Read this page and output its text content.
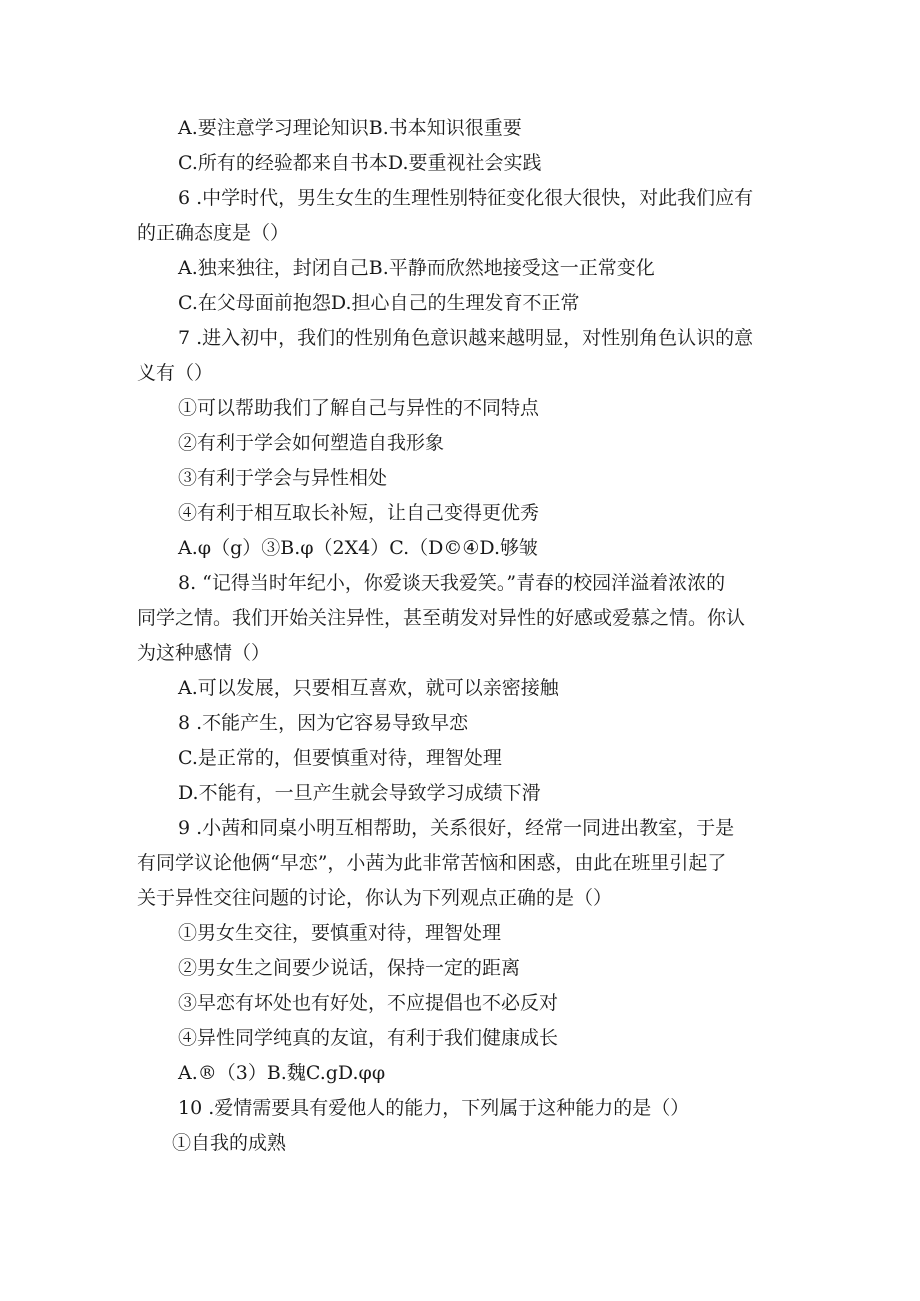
A.要注意学习理论知识B.书本知识很重要
C.所有的经验都来自书本D.要重视社会实践
6 .中学时代，男生女生的生理性别特征变化很大很快，对此我们应有
的正确态度是（）
A.独来独往，封闭自己B.平静而欣然地接受这一正常变化
C.在父母面前抱怨D.担心自己的生理发育不正常
7 .进入初中，我们的性别角色意识越来越明显，对性别角色认识的意
义有（）
①可以帮助我们了解自己与异性的不同特点
②有利于学会如何塑造自我形象
③有利于学会与异性相处
④有利于相互取长补短，让自己变得更优秀
A.φ（g）③B.φ（2X4）C.（D©④D.够皱
8. “记得当时年纪小，你爱谈天我爱笑。”青春的校园洋溢着浓浓的
同学之情。我们开始关注异性，甚至萌发对异性的好感或爱慕之情。你认
为这种感情（）
A.可以发展，只要相互喜欢，就可以亲密接触
8 .不能产生，因为它容易导致早恋
C.是正常的，但要慎重对待，理智处理
D.不能有，一旦产生就会导致学习成绩下滑
9 .小茜和同桌小明互相帮助，关系很好，经常一同进出教室，于是
有同学议论他俩“早恋”，小茜为此非常苦恼和困惑，由此在班里引起了
关于异性交往问题的讨论，你认为下列观点正确的是（）
①男女生交往，要慎重对待，理智处理
②男女生之间要少说话，保持一定的距离
③早恋有坏处也有好处，不应提倡也不必反对
④异性同学纯真的友谊，有利于我们健康成长
A.®（3）B.魏C.gD.φφ
10 .爱情需要具有爱他人的能力，下列属于这种能力的是（）
①自我的成熟
